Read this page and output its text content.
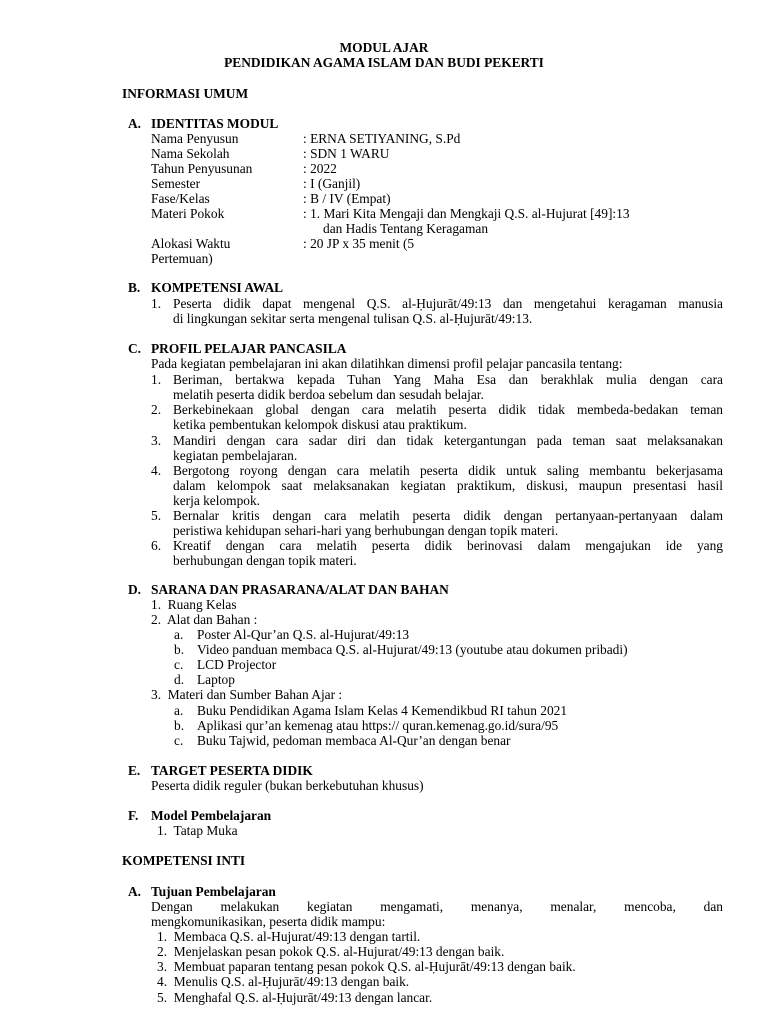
MODUL AJAR
PENDIDIKAN AGAMA ISLAM DAN BUDI PEKERTI
INFORMASI UMUM
A. IDENTITAS MODUL
Nama Penyusun	: ERNA SETIYANING, S.Pd
Nama Sekolah	: SDN 1 WARU
Tahun Penyusunan	: 2022
Semester	: I (Ganjil)
Fase/Kelas	: B / IV (Empat)
Materi Pokok	: 1. Mari Kita Mengaji dan Mengkaji Q.S. al-Hujurat [49]:13
dan Hadis Tentang Keragaman
Alokasi Waktu	: 20 JP x 35 menit (5
Pertemuan)
B. KOMPETENSI AWAL
1. Peserta didik dapat mengenal Q.S. al-Ḥujurāt/49:13 dan mengetahui keragaman manusia
di lingkungan sekitar serta mengenal tulisan Q.S. al-Ḥujurāt/49:13.
C. PROFIL PELAJAR PANCASILA
Pada kegiatan pembelajaran ini akan dilatihkan dimensi profil pelajar pancasila tentang:
1. Beriman, bertakwa kepada Tuhan Yang Maha Esa dan berakhlak mulia dengan cara
melatih peserta didik berdoa sebelum dan sesudah belajar.
2. Berkebinekaan global dengan cara melatih peserta didik tidak membeda-bedakan teman
ketika pembentukan kelompok diskusi atau praktikum.
3. Mandiri dengan cara sadar diri dan tidak ketergantungan pada teman saat melaksanakan
kegiatan pembelajaran.
4. Bergotong royong dengan cara melatih peserta didik untuk saling membantu bekerjasama
dalam kelompok saat melaksanakan kegiatan praktikum, diskusi, maupun presentasi hasil
kerja kelompok.
5. Bernalar kritis dengan cara melatih peserta didik dengan pertanyaan-pertanyaan dalam
peristiwa kehidupan sehari-hari yang berhubungan dengan topik materi.
6. Kreatif dengan cara melatih peserta didik berinovasi dalam mengajukan ide yang
berhubungan dengan topik materi.
D. SARANA DAN PRASARANA/ALAT DAN BAHAN
1.  Ruang Kelas
2.  Alat dan Bahan :
a. Poster Al-Qur’an Q.S. al-Hujurat/49:13
b. Video panduan membaca Q.S. al-Hujurat/49:13 (youtube atau dokumen pribadi)
c. LCD Projector
d. Laptop
3.  Materi dan Sumber Bahan Ajar :
a. Buku Pendidikan Agama Islam Kelas 4 Kemendikbud RI tahun 2021
b. Aplikasi qur’an kemenag atau https:// quran.kemenag.go.id/sura/95
c. Buku Tajwid, pedoman membaca Al-Qur’an dengan benar
E. TARGET PESERTA DIDIK
Peserta didik reguler (bukan berkebutuhan khusus)
F. Model Pembelajaran
1.  Tatap Muka
KOMPETENSI INTI
A. Tujuan Pembelajaran
Dengan melakukan kegiatan mengamati, menanya, menalar, mencoba, dan
mengkomunikasikan, peserta didik mampu:
1.  Membaca Q.S. al-Hujurat/49:13 dengan tartil.
2.  Menjelaskan pesan pokok Q.S. al-Hujurat/49:13 dengan baik.
3.  Membuat paparan tentang pesan pokok Q.S. al-Ḥujurāt/49:13 dengan baik.
4.  Menulis Q.S. al-Ḥujurāt/49:13 dengan baik.
5.  Menghafal Q.S. al-Ḥujurāt/49:13 dengan lancar.
